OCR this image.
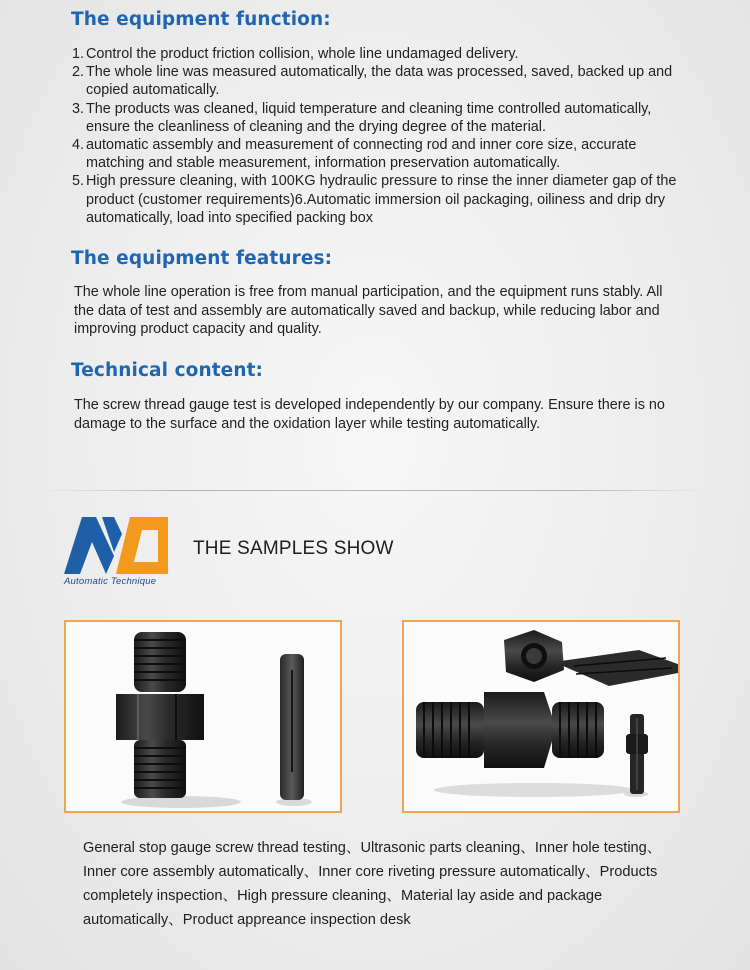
The equipment function:
1. Control the product friction collision, whole line undamaged delivery.
2. The whole line was measured automatically, the data was processed, saved, backed up and copied automatically.
3. The products was cleaned, liquid temperature and cleaning time controlled automatically, ensure the cleanliness of cleaning and the drying degree of the material.
4. automatic assembly and measurement of connecting rod and inner core size, accurate matching and stable measurement, information preservation automatically.
5. High pressure cleaning, with 100KG hydraulic pressure to rinse the inner diameter gap of the product (customer requirements)6.Automatic immersion oil packaging, oiliness and drip dry automatically, load into specified packing box
The equipment features:

The whole line operation is free from manual participation, and the equipment runs stably. All the data of test and assembly are automatically saved and backup, while reducing labor and improving product capacity and quality.

Technical content:

The screw thread gauge test is developed independently by our company. Ensure there is no damage to the surface and the oxidation layer while testing automatically.

Automatic Technique
THE SAMPLES SHOW

General stop gauge screw thread testing、Ultrasonic parts cleaning、Inner hole testing、Inner core assembly automatically、Inner core riveting pressure automatically、Products completely inspection、High pressure cleaning、Material lay aside and package automatically、Product appreance inspection desk
